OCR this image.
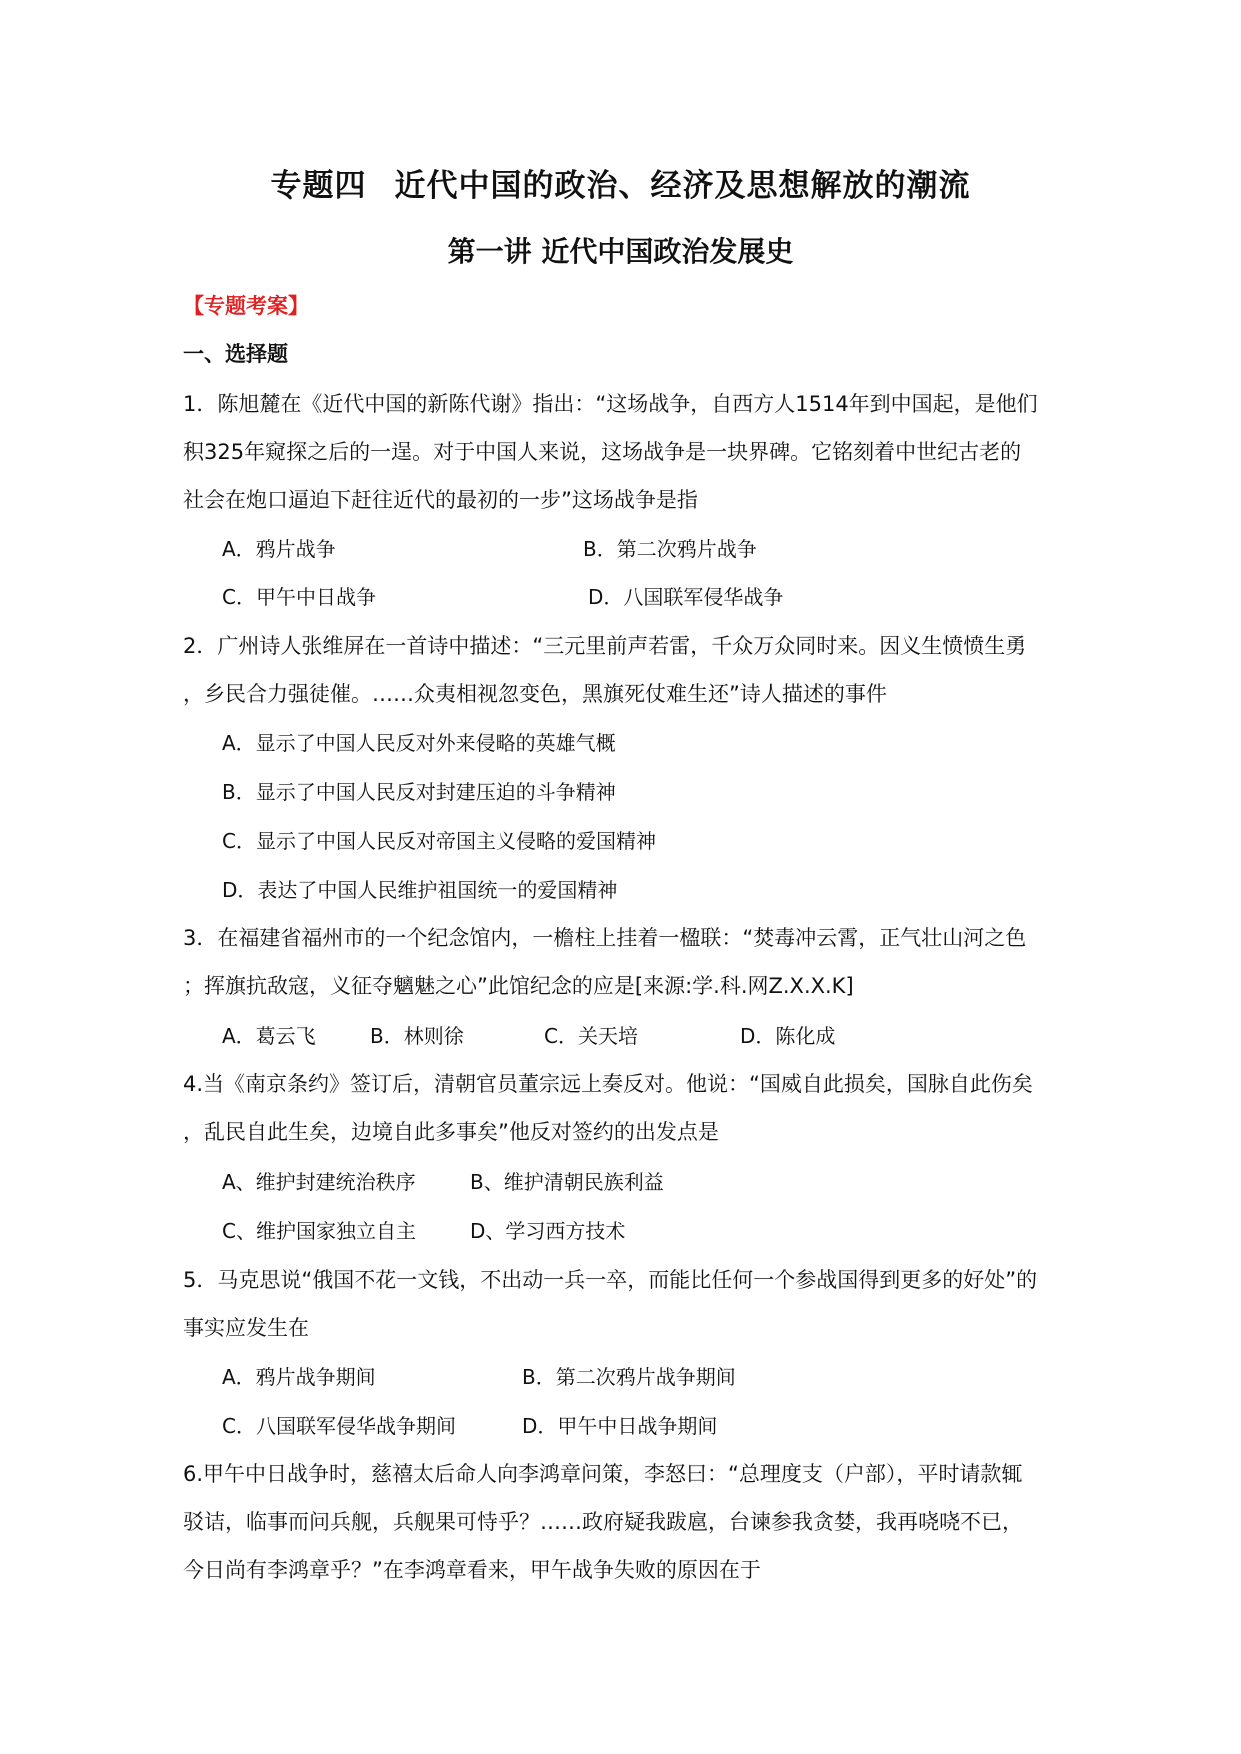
专题四 近代中国的政治、经济及思想解放的潮流
第一讲 近代中国政治发展史
【专题考案】
一、选择题
1．陈旭麓在《近代中国的新陈代谢》指出：“这场战争，自西方人1514年到中国起，是他们
积325年窥探之后的一逞。对于中国人来说，这场战争是一块界碑。它铭刻着中世纪古老的
社会在炮口逼迫下赶往近代的最初的一步”这场战争是指
A．鸦片战争	B．第二次鸦片战争
C．甲午中日战争	D．八国联军侵华战争
2．广州诗人张维屏在一首诗中描述：“三元里前声若雷，千众万众同时来。因义生愤愤生勇
，乡民合力强徒催。……众夷相视忽变色，黑旗死仗难生还”诗人描述的事件
A．显示了中国人民反对外来侵略的英雄气概
B．显示了中国人民反对封建压迫的斗争精神
C．显示了中国人民反对帝国主义侵略的爱国精神
D．表达了中国人民维护祖国统一的爱国精神
3．在福建省福州市的一个纪念馆内，一檐柱上挂着一楹联：“焚毒冲云霄，正气壮山河之色
；挥旗抗敌寇，义征夺魑魅之心”此馆纪念的应是[来源:学.科.网Z.X.X.K]
A．葛云飞	B．林则徐	C．关天培	D．陈化成
4.当《南京条约》签订后，清朝官员董宗远上奏反对。他说：“国威自此损矣，国脉自此伤矣
，乱民自此生矣，边境自此多事矣”他反对签约的出发点是
A、维护封建统治秩序	B、维护清朝民族利益
C、维护国家独立自主	D、学习西方技术
5．马克思说“俄国不花一文钱，不出动一兵一卒，而能比任何一个参战国得到更多的好处”的
事实应发生在
A．鸦片战争期间	B．第二次鸦片战争期间
C．八国联军侵华战争期间	D．甲午中日战争期间
6.甲午中日战争时，慈禧太后命人向李鸿章问策，李怒曰：“总理度支（户部），平时请款辄
驳诘，临事而问兵舰，兵舰果可恃乎？……政府疑我跋扈，台谏参我贪婪，我再哓哓不已，
今日尚有李鸿章乎？”在李鸿章看来，甲午战争失败的原因在于
